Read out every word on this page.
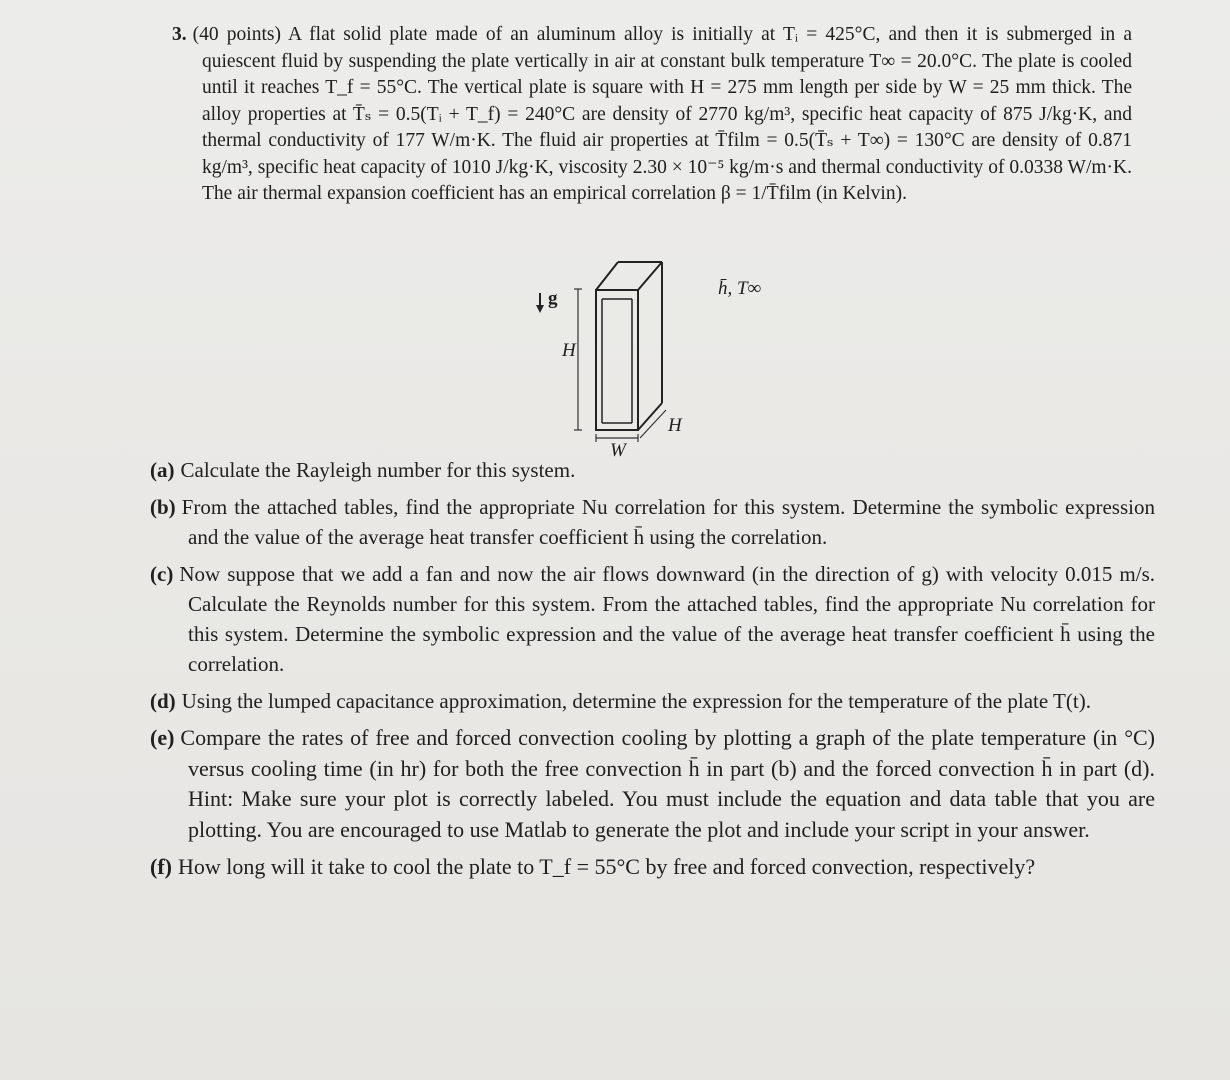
3. (40 points) A flat solid plate made of an aluminum alloy is initially at Tᵢ = 425°C, and then it is submerged in a quiescent fluid by suspending the plate vertically in air at constant bulk temperature T∞ = 20.0°C. The plate is cooled until it reaches T_f = 55°C. The vertical plate is square with H = 275 mm length per side by W = 25 mm thick. The alloy properties at T̄ₛ = 0.5(Tᵢ + T_f) = 240°C are density of 2770 kg/m³, specific heat capacity of 875 J/kg·K, and thermal conductivity of 177 W/m·K. The fluid air properties at T̄film = 0.5(T̄ₛ + T∞) = 130°C are density of 0.871 kg/m³, specific heat capacity of 1010 J/kg·K, viscosity 2.30 × 10⁻⁵ kg/m·s and thermal conductivity of 0.0338 W/m·K. The air thermal expansion coefficient has an empirical correlation β = 1/T̄film (in Kelvin).
g
H
H
W
h̄, T∞
(a) Calculate the Rayleigh number for this system.
(b) From the attached tables, find the appropriate Nu correlation for this system. Determine the symbolic expression and the value of the average heat transfer coefficient h̄ using the correlation.
(c) Now suppose that we add a fan and now the air flows downward (in the direction of g) with velocity 0.015 m/s. Calculate the Reynolds number for this system. From the attached tables, find the appropriate Nu correlation for this system. Determine the symbolic expression and the value of the average heat transfer coefficient h̄ using the correlation.
(d) Using the lumped capacitance approximation, determine the expression for the temperature of the plate T(t).
(e) Compare the rates of free and forced convection cooling by plotting a graph of the plate temperature (in °C) versus cooling time (in hr) for both the free convection h̄ in part (b) and the forced convection h̄ in part (d). Hint: Make sure your plot is correctly labeled. You must include the equation and data table that you are plotting. You are encouraged to use Matlab to generate the plot and include your script in your answer.
(f) How long will it take to cool the plate to T_f = 55°C by free and forced convection, respectively?
